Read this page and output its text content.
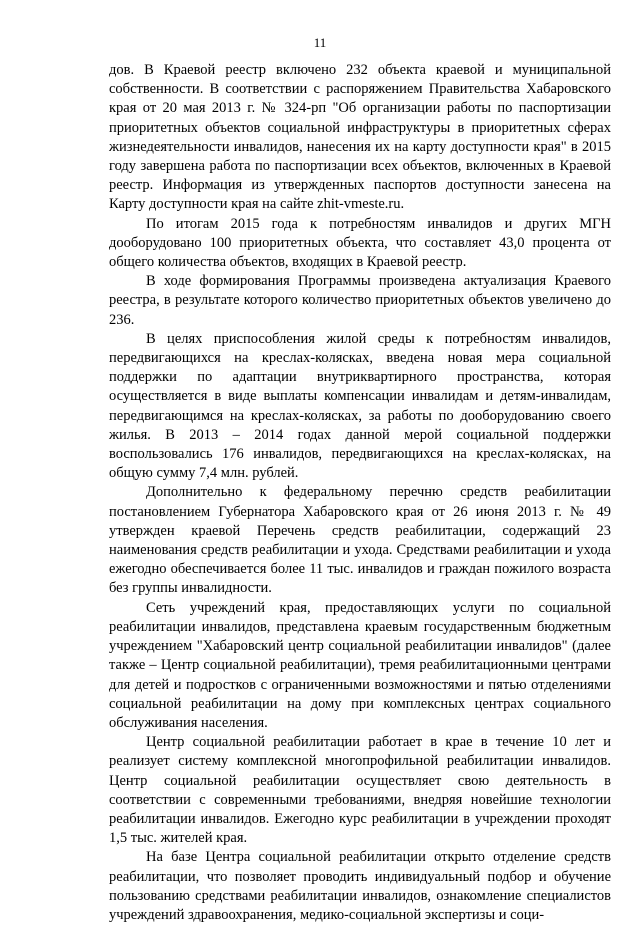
11

дов. В Краевой реестр включено 232 объекта краевой и муниципальной собственности. В соответствии с распоряжением Правительства Хабаровского края от 20 мая 2013 г. № 324-рп "Об организации работы по паспортизации приоритетных объектов социальной инфраструктуры в приоритетных сферах жизнедеятельности инвалидов, нанесения их на карту доступности края" в 2015 году завершена работа по паспортизации всех объектов, включенных в Краевой реестр. Информация из утвержденных паспортов доступности занесена на Карту доступности края на сайте zhit-vmeste.ru.

По итогам 2015 года к потребностям инвалидов и других МГН дооборудовано 100 приоритетных объекта, что составляет 43,0 процента от общего количества объектов, входящих в Краевой реестр.

В ходе формирования Программы произведена актуализация Краевого реестра, в результате которого количество приоритетных объектов увеличено до 236.

В целях приспособления жилой среды к потребностям инвалидов, передвигающихся на креслах-колясках, введена новая мера социальной поддержки по адаптации внутриквартирного пространства, которая осуществляется в виде выплаты компенсации инвалидам и детям-инвалидам, передвигающимся на креслах-колясках, за работы по дооборудованию своего жилья. В 2013 – 2014 годах данной мерой социальной поддержки воспользовались 176 инвалидов, передвигающихся на креслах-колясках, на общую сумму 7,4 млн. рублей.

Дополнительно к федеральному перечню средств реабилитации постановлением Губернатора Хабаровского края от 26 июня 2013 г. № 49 утвержден краевой Перечень средств реабилитации, содержащий 23 наименования средств реабилитации и ухода. Средствами реабилитации и ухода ежегодно обеспечивается более 11 тыс. инвалидов и граждан пожилого возраста без группы инвалидности.

Сеть учреждений края, предоставляющих услуги по социальной реабилитации инвалидов, представлена краевым государственным бюджетным учреждением "Хабаровский центр социальной реабилитации инвалидов" (далее также – Центр социальной реабилитации), тремя реабилитационными центрами для детей и подростков с ограниченными возможностями и пятью отделениями социальной реабилитации на дому при комплексных центрах социального обслуживания населения.

Центр социальной реабилитации работает в крае в течение 10 лет и реализует систему комплексной многопрофильной реабилитации инвалидов. Центр социальной реабилитации осуществляет свою деятельность в соответствии с современными требованиями, внедряя новейшие технологии реабилитации инвалидов. Ежегодно курс реабилитации в учреждении проходят 1,5 тыс. жителей края.

На базе Центра социальной реабилитации открыто отделение средств реабилитации, что позволяет проводить индивидуальный подбор и обучение пользованию средствами реабилитации инвалидов, ознакомление специалистов учреждений здравоохранения, медико-социальной экспертизы и соци-
